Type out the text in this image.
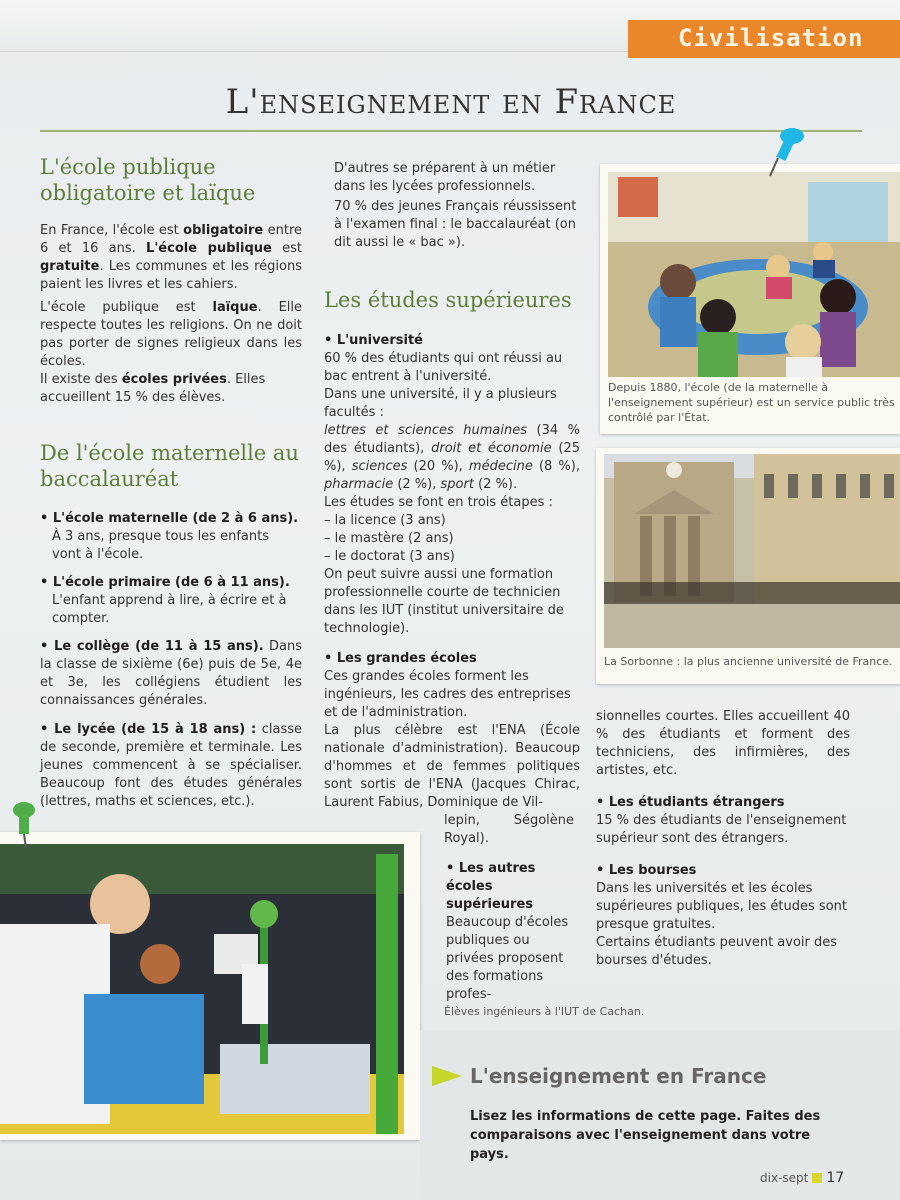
Civilisation
L'enseignement en France
L'école publique obligatoire et laïque
En France, l'école est obligatoire entre 6 et 16 ans. L'école publique est gratuite. Les communes et les régions paient les livres et les cahiers.
L'école publique est laïque. Elle respecte toutes les religions. On ne doit pas porter de signes religieux dans les écoles.
Il existe des écoles privées. Elles accueillent 15 % des élèves.
De l'école maternelle au baccalauréat
• L'école maternelle (de 2 à 6 ans).
À 3 ans, presque tous les enfants vont à l'école.
• L'école primaire (de 6 à 11 ans).
L'enfant apprend à lire, à écrire et à compter.
• Le collège (de 11 à 15 ans). Dans la classe de sixième (6e) puis de 5e, 4e et 3e, les collégiens étudient les connaissances générales.
• Le lycée (de 15 à 18 ans) : classe de seconde, première et terminale. Les jeunes commencent à se spécialiser. Beaucoup font des études générales (lettres, maths et sciences, etc.).
D'autres se préparent à un métier dans les lycées professionnels.
70 % des jeunes Français réussissent à l'examen final : le baccalauréat (on dit aussi le « bac »).
Les études supérieures
• L'université
60 % des étudiants qui ont réussi au bac entrent à l'université.
Dans une université, il y a plusieurs facultés :
lettres et sciences humaines (34 % des étudiants), droit et économie (25 %), sciences (20 %), médecine (8 %), pharmacie (2 %), sport (2 %).
Les études se font en trois étapes :
– la licence (3 ans)
– le mastère (2 ans)
– le doctorat (3 ans)
On peut suivre aussi une formation professionnelle courte de technicien dans les IUT (institut universitaire de technologie).
• Les grandes écoles
Ces grandes écoles forment les ingénieurs, les cadres des entreprises et de l'administration.
La plus célèbre est l'ENA (École nationale d'administration). Beaucoup d'hommes et de femmes politiques sont sortis de l'ENA (Jacques Chirac, Laurent Fabius, Dominique de Vil-
lepin, Ségolène Royal).
• Les autres écoles supérieures
Beaucoup d'écoles publiques ou privées proposent des formations profes-
sionnelles courtes. Elles accueillent 40 % des étudiants et forment des techniciens, des infirmières, des artistes, etc.
• Les étudiants étrangers
15 % des étudiants de l'enseignement supérieur sont des étrangers.
• Les bourses
Dans les universités et les écoles supérieures publiques, les études sont presque gratuites.
Certains étudiants peuvent avoir des bourses d'études.
Depuis 1880, l'école (de la maternelle à l'enseignement supérieur) est un service public très contrôlé par l'État.
La Sorbonne : la plus ancienne université de France.
Élèves ingénieurs à l'IUT de Cachan.
L'enseignement en France
Lisez les informations de cette page. Faites des comparaisons avec l'enseignement dans votre pays.
dix-sept 17
